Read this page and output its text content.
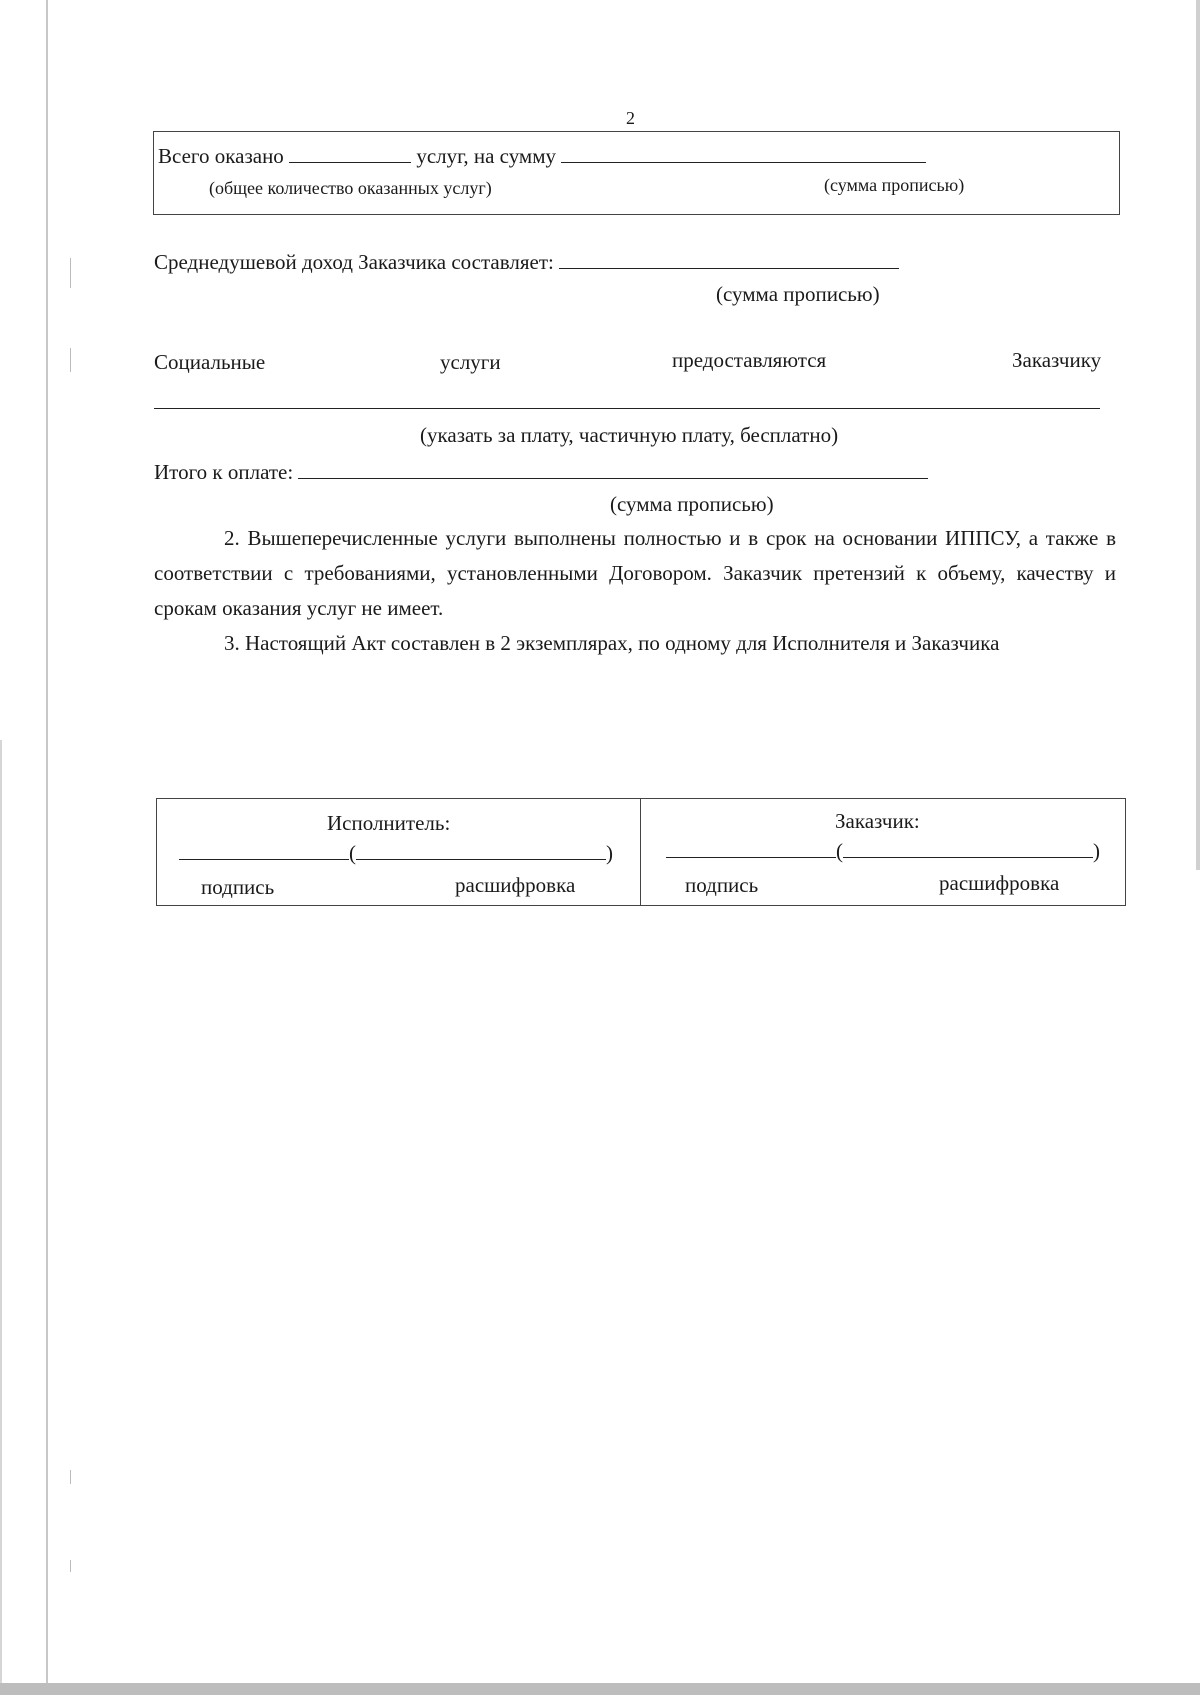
2
Всего оказано	услуг, на сумму
(общее количество оказанных услуг)	(сумма прописью)
Среднедушевой доход Заказчика составляет:
(сумма прописью)
Социальные	услуги	предоставляются	Заказчику
(указать за плату, частичную плату, бесплатно)
Итого к оплате:
(сумма прописью)
2. Вышеперечисленные услуги выполнены полностью и в срок на основании ИППСУ, а также в соответствии с требованиями, установленными Договором. Заказчик претензий к объему, качеству и срокам оказания услуг не имеет.
3. Настоящий Акт составлен в 2 экземплярах, по одному для Исполнителя и Заказчика
Исполнитель:
(	)
подпись	расшифровка
Заказчик:
(	)
подпись	расшифровка
